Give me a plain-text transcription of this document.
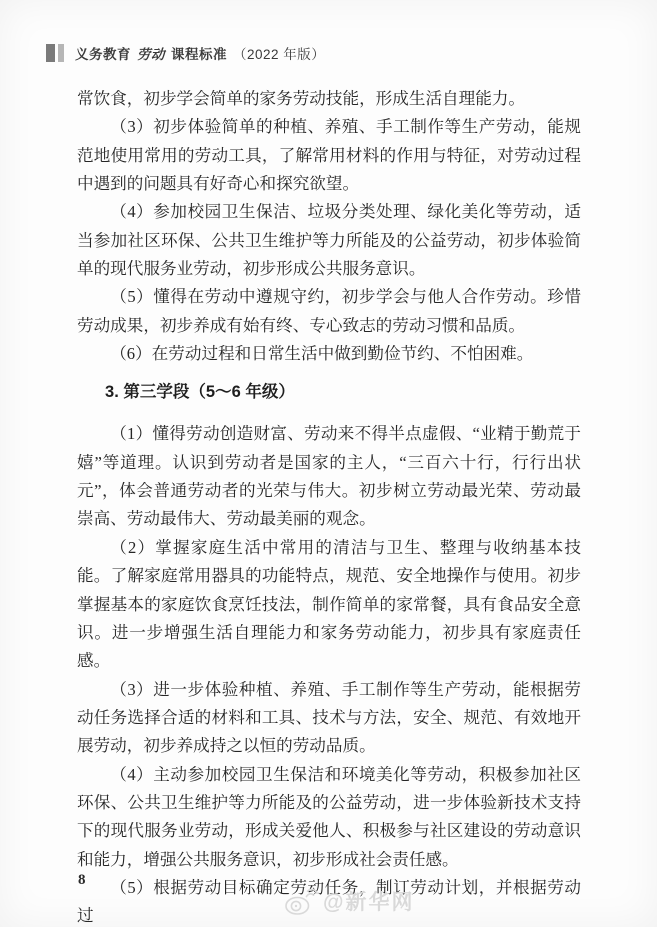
义务教育 劳动 课程标准 （2022 年版）

常饮食，初步学会简单的家务劳动技能，形成生活自理能力。

（3）初步体验简单的种植、养殖、手工制作等生产劳动，能规范地使用常用的劳动工具，了解常用材料的作用与特征，对劳动过程中遇到的问题具有好奇心和探究欲望。

（4）参加校园卫生保洁、垃圾分类处理、绿化美化等劳动，适当参加社区环保、公共卫生维护等力所能及的公益劳动，初步体验简单的现代服务业劳动，初步形成公共服务意识。

（5）懂得在劳动中遵规守约，初步学会与他人合作劳动。珍惜劳动成果，初步养成有始有终、专心致志的劳动习惯和品质。

（6）在劳动过程和日常生活中做到勤俭节约、不怕困难。

3. 第三学段（5～6 年级）

（1）懂得劳动创造财富、劳动来不得半点虚假、“业精于勤荒于嬉”等道理。认识到劳动者是国家的主人，“三百六十行，行行出状元”，体会普通劳动者的光荣与伟大。初步树立劳动最光荣、劳动最崇高、劳动最伟大、劳动最美丽的观念。

（2）掌握家庭生活中常用的清洁与卫生、整理与收纳基本技能。了解家庭常用器具的功能特点，规范、安全地操作与使用。初步掌握基本的家庭饮食烹饪技法，制作简单的家常餐，具有食品安全意识。进一步增强生活自理能力和家务劳动能力，初步具有家庭责任感。

（3）进一步体验种植、养殖、手工制作等生产劳动，能根据劳动任务选择合适的材料和工具、技术与方法，安全、规范、有效地开展劳动，初步养成持之以恒的劳动品质。

（4）主动参加校园卫生保洁和环境美化等劳动，积极参加社区环保、公共卫生维护等力所能及的公益劳动，进一步体验新技术支持下的现代服务业劳动，形成关爱他人、积极参与社区建设的劳动意识和能力，增强公共服务意识，初步形成社会责任感。

（5）根据劳动目标确定劳动任务，制订劳动计划，并根据劳动过

8
@新华网
